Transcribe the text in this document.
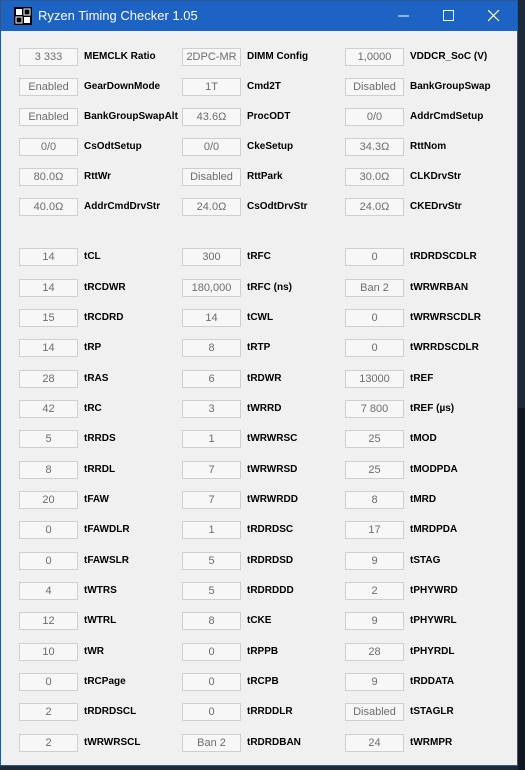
Ryzen Timing Checker 1.05
3 333	MEMCLK Ratio	2DPC-MR	DIMM Config	1,0000	VDDCR_SoC (V)
Enabled	GearDownMode	1T	Cmd2T	Disabled	BankGroupSwap
Enabled	BankGroupSwapAlt	43.6Ω	ProcODT	0/0	AddrCmdSetup
0/0	CsOdtSetup	0/0	CkeSetup	34.3Ω	RttNom
80.0Ω	RttWr	Disabled	RttPark	30.0Ω	CLKDrvStr
40.0Ω	AddrCmdDrvStr	24.0Ω	CsOdtDrvStr	24.0Ω	CKEDrvStr
14	tCL	300	tRFC	0	tRDRDSCDLR
14	tRCDWR	180,000	tRFC (ns)	Ban 2	tWRWRBAN
15	tRCDRD	14	tCWL	0	tWRWRSCDLR
14	tRP	8	tRTP	0	tWRRDSCDLR
28	tRAS	6	tRDWR	13000	tREF
42	tRC	3	tWRRD	7 800	tREF (µs)
5	tRRDS	1	tWRWRSC	25	tMOD
8	tRRDL	7	tWRWRSD	25	tMODPDA
20	tFAW	7	tWRWRDD	8	tMRD
0	tFAWDLR	1	tRDRDSC	17	tMRDPDA
0	tFAWSLR	5	tRDRDSD	9	tSTAG
4	tWTRS	5	tRDRDDD	2	tPHYWRD
12	tWTRL	8	tCKE	9	tPHYWRL
10	tWR	0	tRPPB	28	tPHYRDL
0	tRCPage	0	tRCPB	9	tRDDATA
2	tRDRDSCL	0	tRRDDLR	Disabled	tSTAGLR
2	tWRWRSCL	Ban 2	tRDRDBAN	24	tWRMPR
